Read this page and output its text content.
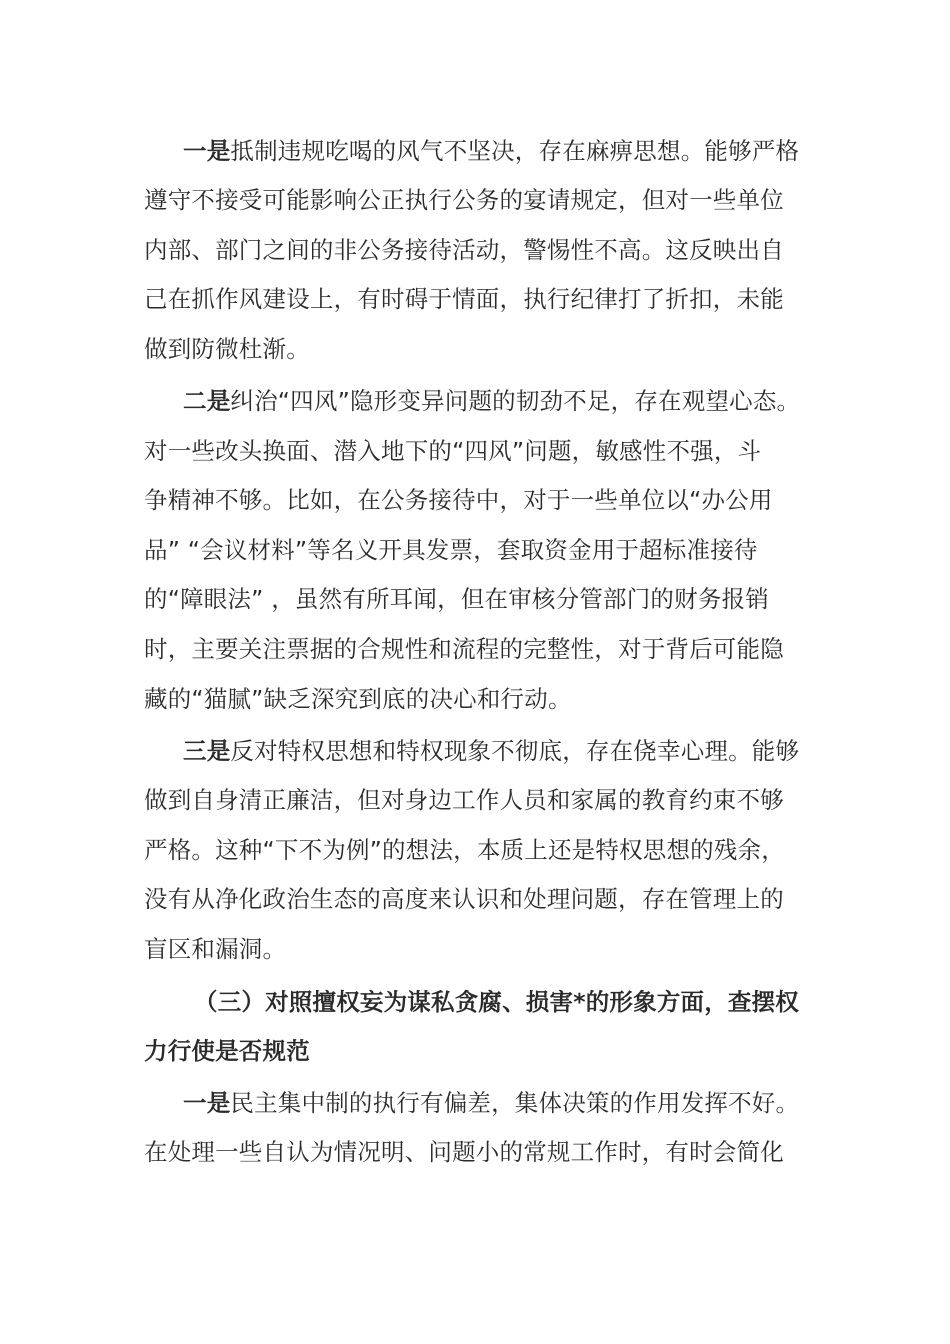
一是抵制违规吃喝的风气不坚决，存在麻痹思想。能够严格
遵守不接受可能影响公正执行公务的宴请规定，但对一些单位
内部、部门之间的非公务接待活动，警惕性不高。这反映出自
己在抓作风建设上，有时碍于情面，执行纪律打了折扣，未能
做到防微杜渐。
二是纠治“四风”隐形变异问题的韧劲不足，存在观望心态。
对一些改头换面、潜入地下的“四风”问题，敏感性不强，斗
争精神不够。比如，在公务接待中，对于一些单位以“办公用
品” “会议材料”等名义开具发票，套取资金用于超标准接待
的“障眼法” ，虽然有所耳闻，但在审核分管部门的财务报销
时，主要关注票据的合规性和流程的完整性，对于背后可能隐
藏的“猫腻”缺乏深究到底的决心和行动。
三是反对特权思想和特权现象不彻底，存在侥幸心理。能够
做到自身清正廉洁，但对身边工作人员和家属的教育约束不够
严格。这种“下不为例”的想法，本质上还是特权思想的残余，
没有从净化政治生态的高度来认识和处理问题，存在管理上的
盲区和漏洞。
（三）对照擅权妄为谋私贪腐、损害*的形象方面，查摆权
力行使是否规范
一是民主集中制的执行有偏差，集体决策的作用发挥不好。
在处理一些自认为情况明、问题小的常规工作时，有时会简化
